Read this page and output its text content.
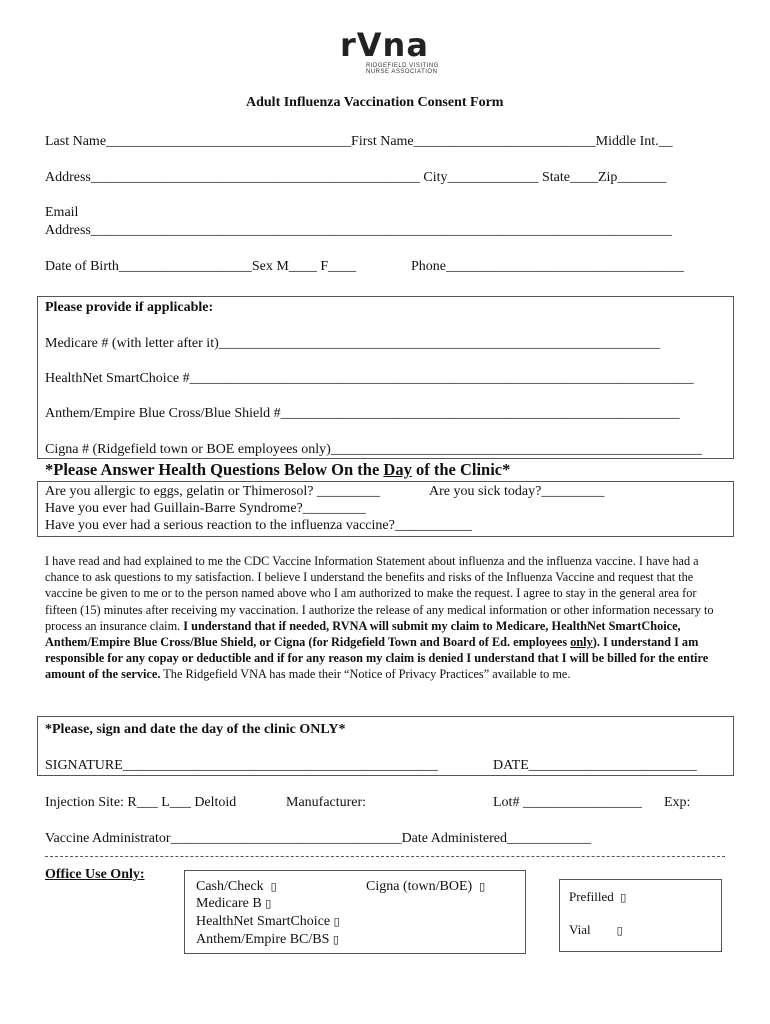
rVna
RIDGEFIELD VISITING
NURSE ASSOCIATION
Adult Influenza Vaccination Consent Form
Last Name___________________________________First Name__________________________Middle Int.__
Address_______________________________________________ City_____________ State____Zip_______
Email
Address___________________________________________________________________________________
Date of Birth___________________Sex M____ F____	Phone__________________________________
Please provide if applicable:
Medicare # (with letter after it)_______________________________________________________________
HealthNet SmartChoice #________________________________________________________________________
Anthem/Empire Blue Cross/Blue Shield #_________________________________________________________
Cigna # (Ridgefield town or BOE employees only)_____________________________________________________
*Please Answer Health Questions Below On the Day of the Clinic*
Are you allergic to eggs, gelatin or Thimerosol? _________	Are you sick today?_________
Have you ever had Guillain-Barre Syndrome?_________
Have you ever had a serious reaction to the influenza vaccine?___________
I have read and had explained to me the CDC Vaccine Information Statement about influenza and the influenza vaccine. I have had a chance to ask questions to my satisfaction. I believe I understand the benefits and risks of the Influenza Vaccine and request that the vaccine be given to me or to the person named above who I am authorized to make the request. I agree to stay in the general area for fifteen (15) minutes after receiving my vaccination. I authorize the release of any medical information or other information necessary to process an insurance claim. I understand that if needed, RVNA will submit my claim to Medicare, HealthNet SmartChoice, Anthem/Empire Blue Cross/Blue Shield, or Cigna (for Ridgefield Town and Board of Ed. employees only). I understand I am responsible for any copay or deductible and if for any reason my claim is denied I understand that I will be billed for the entire amount of the service. The Ridgefield VNA has made their “Notice of Privacy Practices” available to me.
*Please, sign and date the day of the clinic ONLY*
SIGNATURE_____________________________________________	DATE________________________
Injection Site: R___ L___ Deltoid	Manufacturer:	Lot# _________________ Exp:
Vaccine Administrator_________________________________Date Administered____________
Office Use Only:
Cash/Check ▯	Cigna (town/BOE) ▯
Medicare B ▯
HealthNet SmartChoice ▯
Anthem/Empire BC/BS ▯
Prefilled ▯
Vial ▯
